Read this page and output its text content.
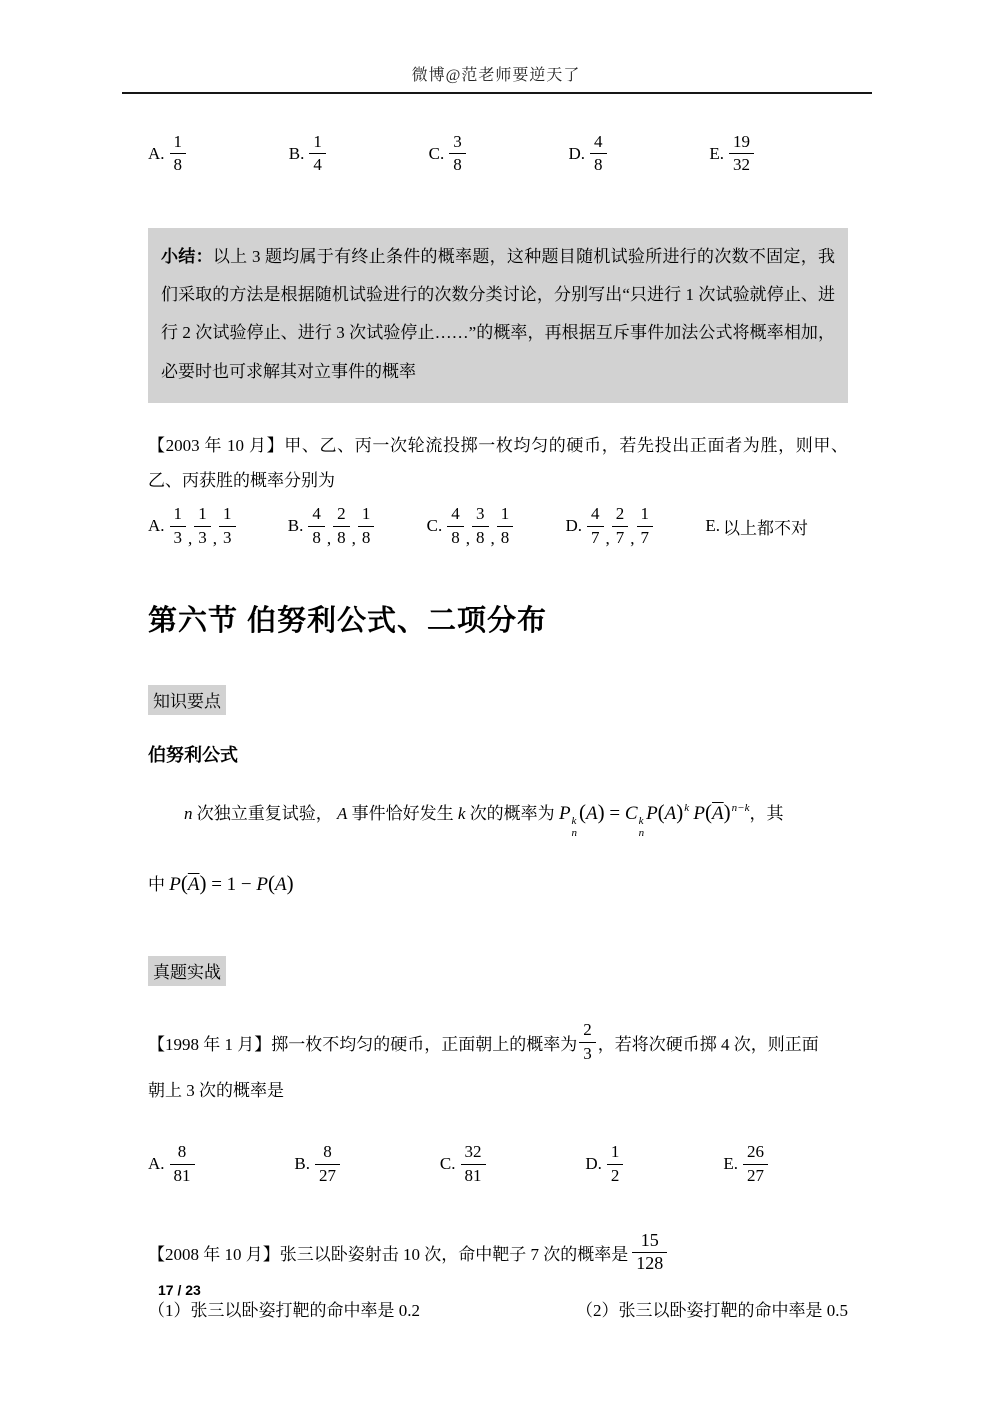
微博@范老师要逆天了
A. $\frac{1}{8}$	B. $\frac{1}{4}$	C. $\frac{3}{8}$	D. $\frac{4}{8}$	E. $\frac{19}{32}$
小结：以上 3 题均属于有终止条件的概率题，这种题目随机试验所进行的次数不固定，我们采取的方法是根据随机试验进行的次数分类讨论，分别写出“只进行 1 次试验就停止、进行 2 次试验停止、进行 3 次试验停止……”的概率，再根据互斥事件加法公式将概率相加，必要时也可求解其对立事件的概率
【2003 年 10 月】甲、乙、丙一次轮流投掷一枚均匀的硬币，若先投出正面者为胜，则甲、乙、丙获胜的概率分别为
A. $\frac{1}{3}$ , $\frac{1}{3}$ , $\frac{1}{3}$	B. $\frac{4}{8}$ , $\frac{2}{8}$ , $\frac{1}{8}$	C. $\frac{4}{8}$ , $\frac{3}{8}$ , $\frac{1}{8}$	D. $\frac{4}{7}$ , $\frac{2}{7}$ , $\frac{1}{7}$	E. 以上都不对
第六节 伯努利公式、二项分布
知识要点
伯努利公式
n 次独立重复试验， A 事件恰好发生 k 次的概率为 P k
n
(A) = C k
n
$P(A)^k$ $P(\overline{A})^{n-k}$，其
中 $P(\overline{A}) = 1 - P(A)$
真题实战
【1998 年 1 月】掷一枚不均匀的硬币，正面朝上的概率为 $\frac{2}{3}$ ，若将次硬币掷 4 次，则正面
朝上 3 次的概率是
A. $\frac{8}{81}$	B. $\frac{8}{27}$	C. $\frac{32}{81}$	D. $\frac{1}{2}$	E. $\frac{26}{27}$
【2008 年 10 月】张三以卧姿射击 10 次，命中靶子 7 次的概率是 $\frac{15}{128}$
（1）张三以卧姿打靶的命中率是 0.2	（2）张三以卧姿打靶的命中率是 0.5
17 / 23
